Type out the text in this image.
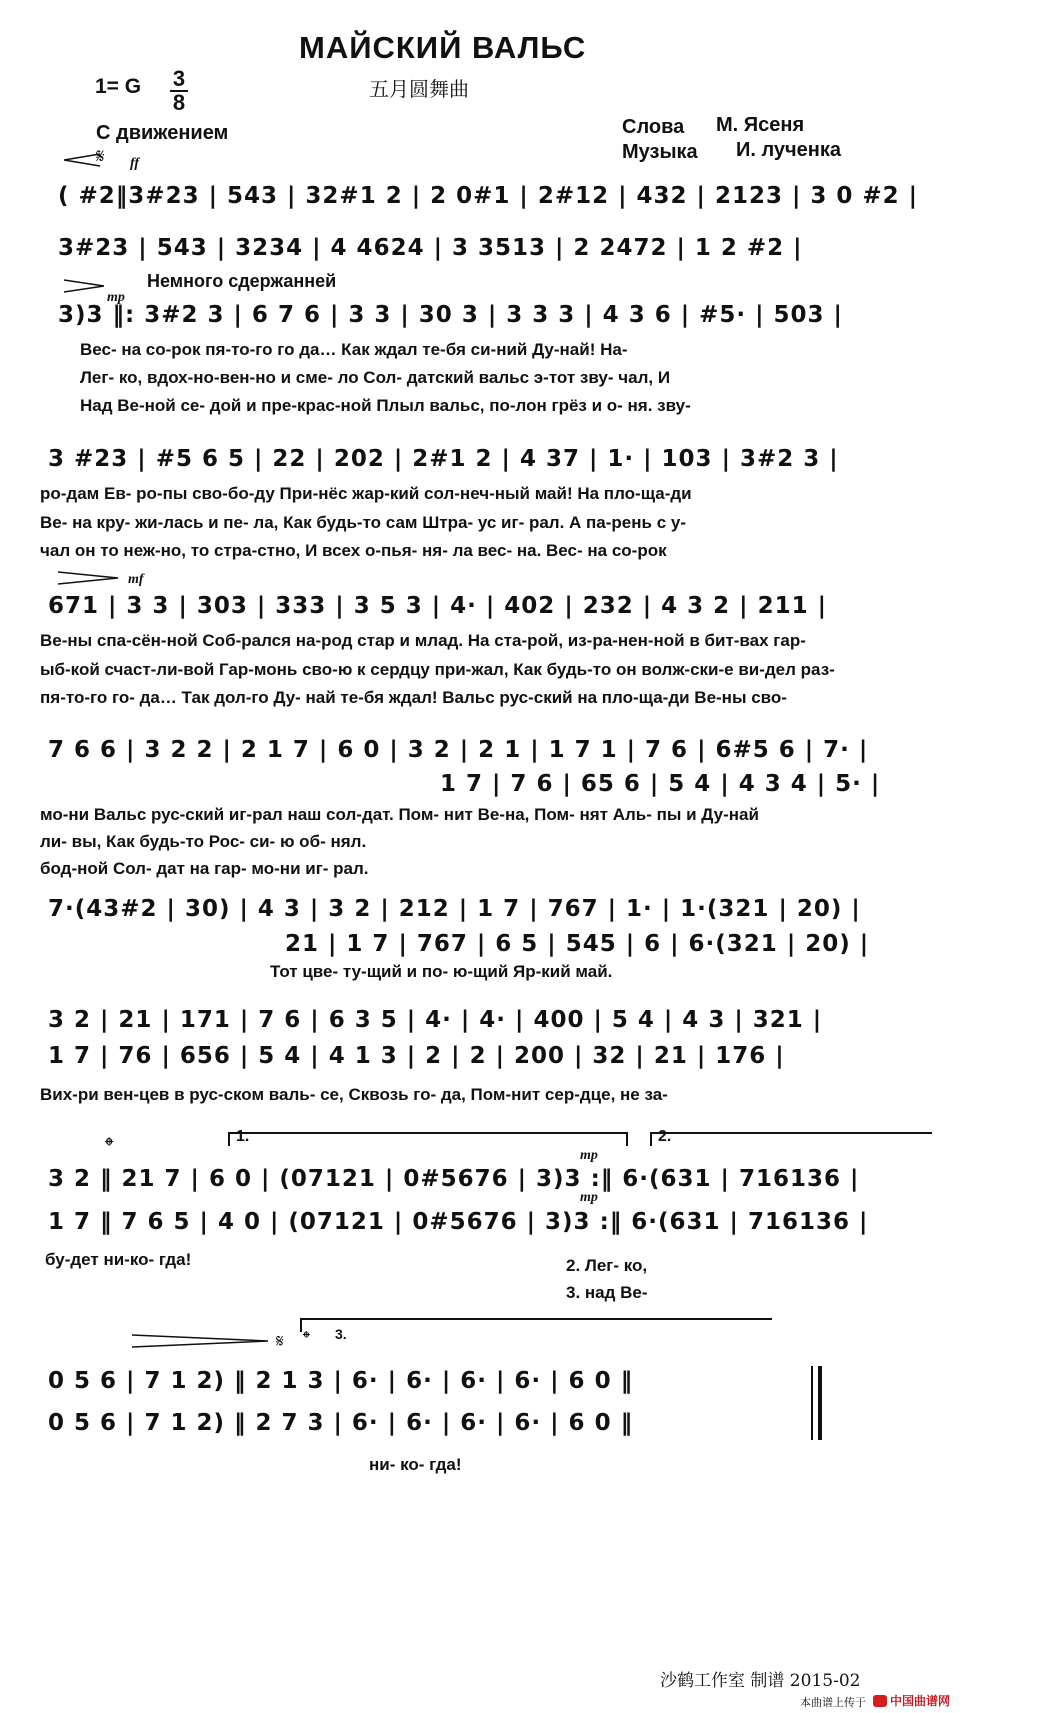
МАЙСКИЙ ВАЛЬС
1= G $\frac{3}{8}$	五月圆舞曲
С движением	Слова М. Ясеня
Музыка И. лученка
𝄋 ff
( #2‖3#23 | 543 | 32#1 2 | 2 0#1 | 2#12 | 432 | 2123 | 3 0 #2 |
3#23 | 543 | 3234 | 4 4624 | 3 3513 | 2 2472 | 1 2 #2 |
Немного сдержанней
mp
3)3 ‖: 3#2 3 | 6 7 6 | 3 3 | 30 3 | 3 3 3 | 4 3 6 | #5· | 503 |
Вес- на со-рок пя-то-го го да… Как ждал те-бя си-ний Ду-най! На-
Лег- ко, вдох-но-вен-но и сме- ло Сол- датский вальс э-тот зву- чал, И
Над Ве-ной се- дой и пре-крас-ной Плыл вальс, по-лон грёз и о- ня. зву-
3 #23 | #5 6 5 | 22 | 202 | 2#1 2 | 4 37 | 1· | 103 | 3#2 3 |
ро-дам Ев- ро-пы сво-бо-ду При-нёс жар-кий сол-неч-ный май! На пло-ща-ди
Ве- на кру- жи-лась и пе- ла, Как будь-то сам Штра- ус иг- рал. А па-рень с у-
чал он то неж-но, то стра-стно, И всех о-пья- ня- ла вес- на. Вес- на со-рок
mf
671 | 3 3 | 303 | 333 | 3 5 3 | 4· | 402 | 232 | 4 3 2 | 211 |
Ве-ны спа-сён-ной Соб-рался на-род стар и млад. На ста-рой, из-ра-нен-ной в бит-вах гар-
ыб-кой счаст-ли-вой Гар-монь сво-ю к сердцу при-жал, Как будь-то он волж-ски-е ви-дел раз-
пя-то-го го- да… Так дол-го Ду- най те-бя ждал! Вальс рус-ский на пло-ща-ди Ве-ны сво-
7 6 6 | 3 2 2 | 2 1 7 | 6 0 | 3 2 | 2 1 | 1 7 1 | 7 6 | 6#5 6 | 7· |
1 7 | 7 6 | 65 6 | 5 4 | 4 3 4 | 5· |
мо-ни Вальс рус-ский иг-рал наш сол-дат. Пом- нит Ве-на, Пом- нят Аль- пы и Ду-най
ли- вы, Как будь-то Рос- си- ю об- нял.
бод-ной Сол- дат на гар- мо-ни иг- рал.
7·(43#2 | 30) | 4 3 | 3 2 | 212 | 1 7 | 767 | 1· | 1·(321 | 20) |
21 | 1 7 | 767 | 6 5 | 545 | 6 | 6·(321 | 20) |
Тот цве- ту-щий и по- ю-щий Яр-кий май.
3 2 | 21 | 171 | 7 6 | 6 3 5 | 4· | 4· | 400 | 5 4 | 4 3 | 321 |
1 7 | 76 | 656 | 5 4 | 4 1 3 | 2 | 2 | 200 | 32 | 21 | 176 |
Вих-ри вен-цев в рус-ском валь- се, Сквозь го- да, Пом-нит сер-дце, не за-
𝄌	1.	2.
mp
mp
3 2 ‖ 21 7 | 6 0 | (07121 | 0#5676 | 3)3 :‖ 6·(631 | 716136 |
1 7 ‖ 7 6 5 | 4 0 | (07121 | 0#5676 | 3)3 :‖ 6·(631 | 716136 |
бу-дет ни-ко- гда!	2. Лег- ко,
3. над Ве-
3.
𝄋 𝄌
0 5 6 | 7 1 2) ‖ 2 1 3 | 6· | 6· | 6· | 6· | 6 0 ‖
0 5 6 | 7 1 2) ‖ 2 7 3 | 6· | 6· | 6· | 6· | 6 0 ‖
ни- ко- гда!
沙鹤工作室 制谱 2015-02
本曲谱上传于 中国曲谱网
